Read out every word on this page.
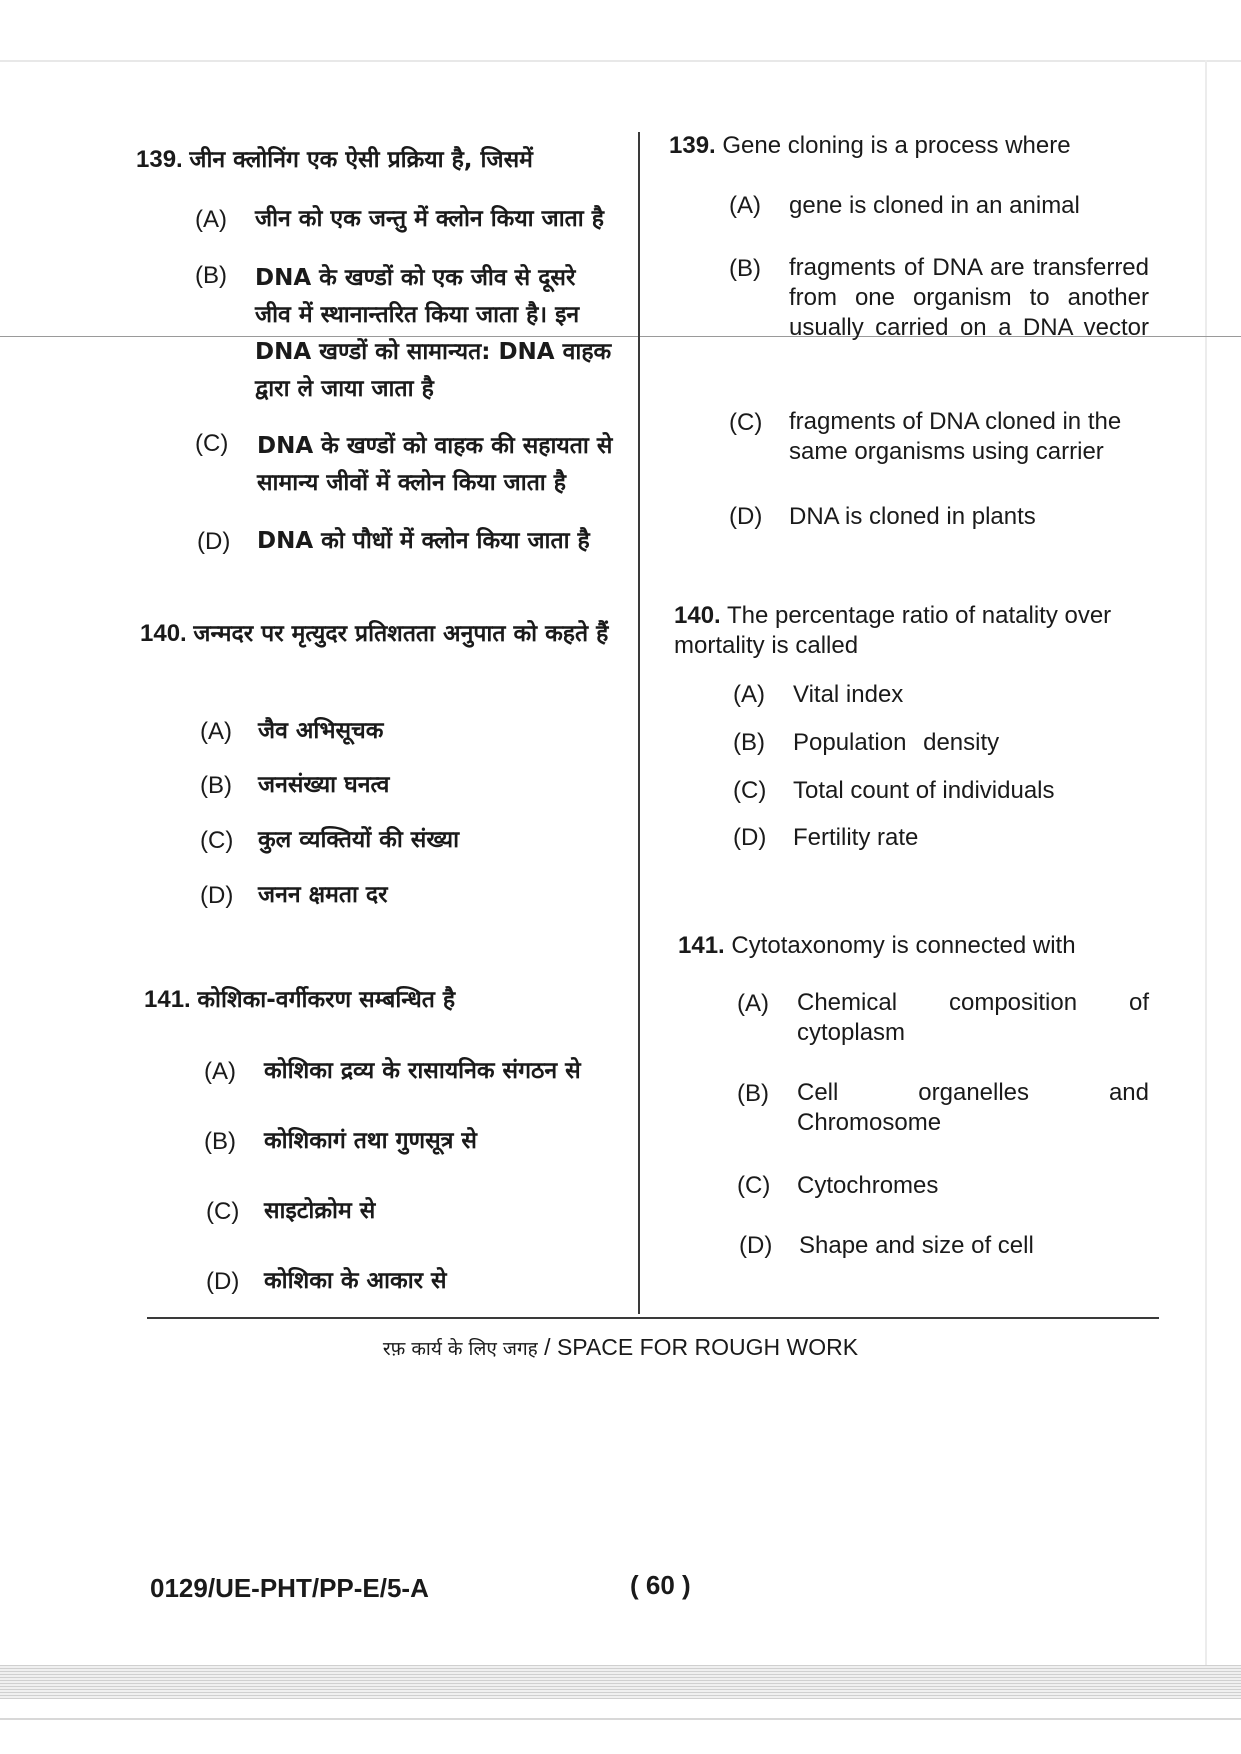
139. जीन क्लोनिंग एक ऐसी प्रक्रिया है, जिसमें
(A) जीन को एक जन्तु में क्लोन किया जाता है
(B) DNA के खण्डों को एक जीव से दूसरे जीव में स्थानान्तरित किया जाता है। इन DNA खण्डों को सामान्यत: DNA वाहक द्वारा ले जाया जाता है
(C) DNA के खण्डों को वाहक की सहायता से सामान्य जीवों में क्लोन किया जाता है
(D) DNA को पौधों में क्लोन किया जाता है
140. जन्मदर पर मृत्युदर प्रतिशतता अनुपात को कहते हैं
(A) जैव अभिसूचक
(B) जनसंख्या घनत्व
(C) कुल व्यक्तियों की संख्या
(D) जनन क्षमता दर
141. कोशिका-वर्गीकरण सम्बन्धित है
(A) कोशिका द्रव्य के रासायनिक संगठन से
(B) कोशिकागं तथा गुणसूत्र से
(C) साइटोक्रोम से
(D) कोशिका के आकार से
139. Gene cloning is a process where
(A) gene is cloned in an animal
(B) fragments of DNA are transferred from one organism to another usually carried on a DNA vector
(C) fragments of DNA cloned in the same organisms using carrier
(D) DNA is cloned in plants
140. The percentage ratio of natality over mortality is called
(A) Vital index
(B) Population density
(C) Total count of individuals
(D) Fertility rate
141. Cytotaxonomy is connected with
(A) Chemical composition of cytoplasm
(B) Cell organelles and Chromosome
(C) Cytochromes
(D) Shape and size of cell
रफ़ कार्य के लिए जगह / SPACE FOR ROUGH WORK
0129/UE-PHT/PP-E/5-A	( 60 )
